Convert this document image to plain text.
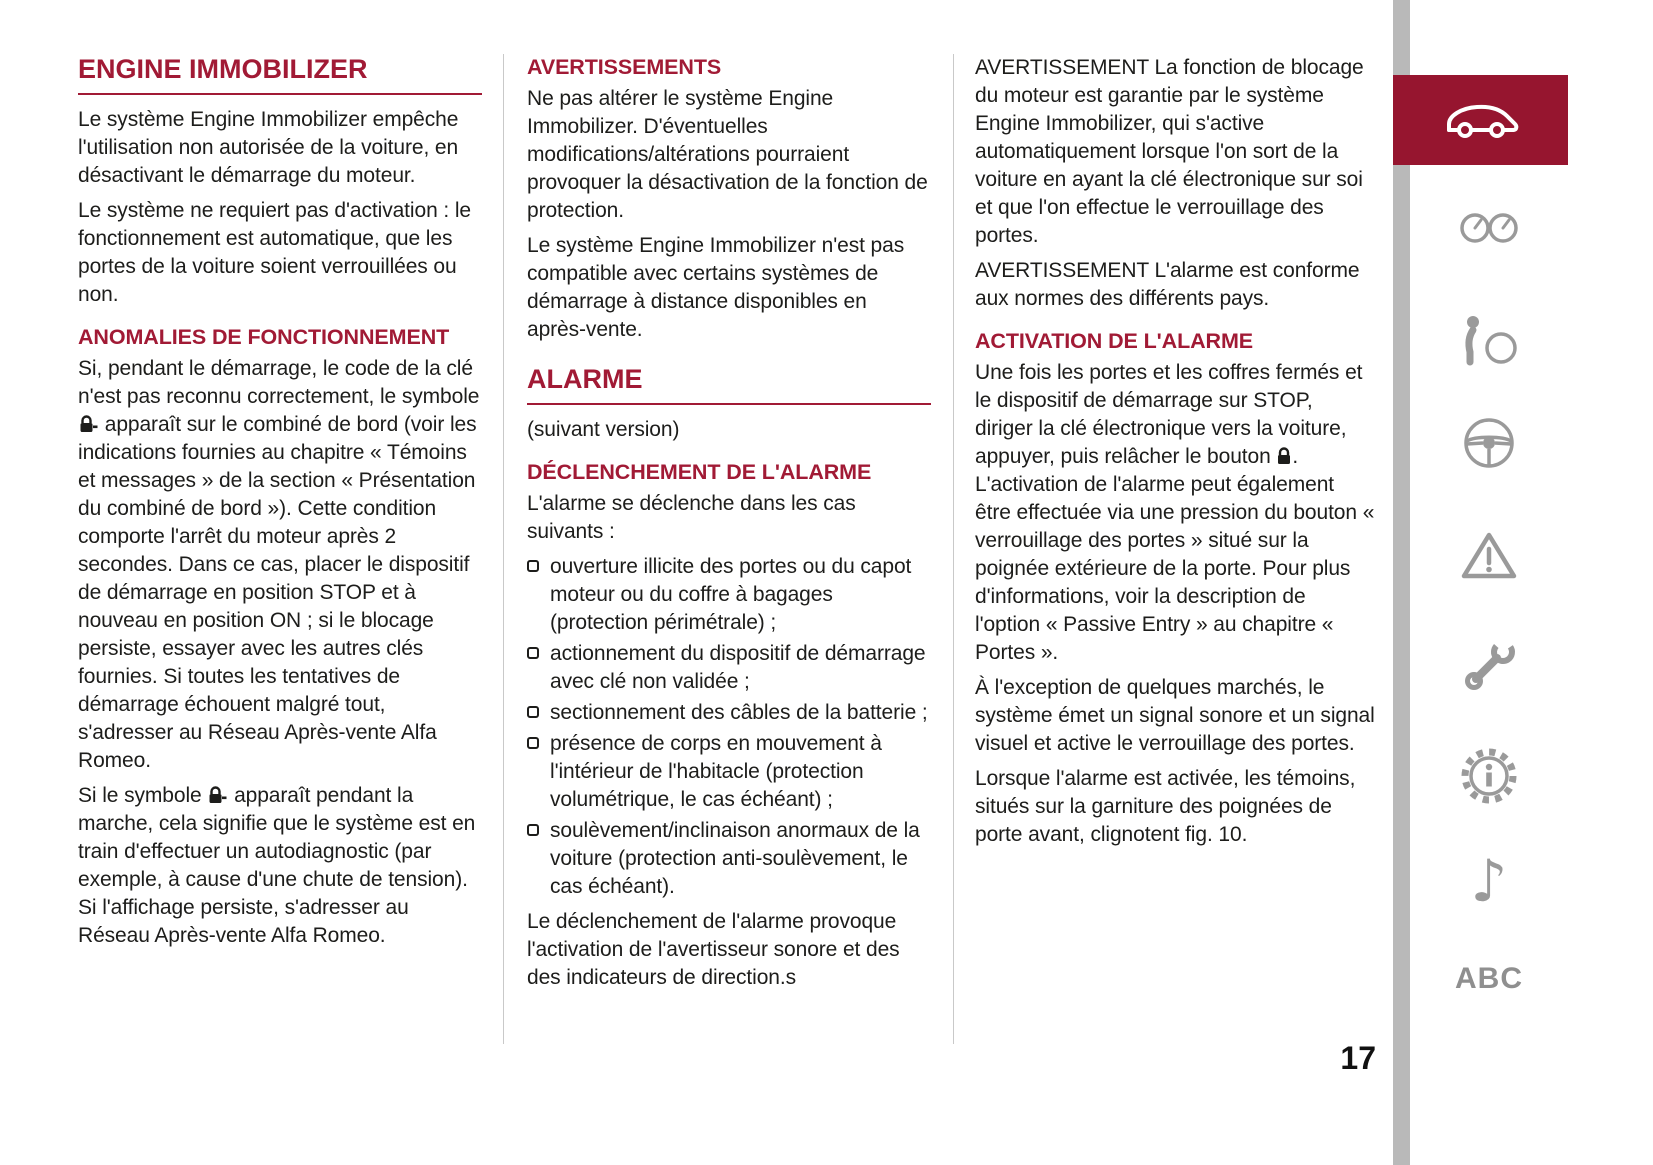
ENGINE IMMOBILIZER

Le système Engine Immobilizer empêche l'utilisation non autorisée de la voiture, en désactivant le démarrage du moteur.

Le système ne requiert pas d'activation : le fonctionnement est automatique, que les portes de la voiture soient verrouillées ou non.

ANOMALIES DE FONCTIONNEMENT

Si, pendant le démarrage, le code de la clé n'est pas reconnu correctement, le symbole  apparaît sur le combiné de bord (voir les indications fournies au chapitre « Témoins et messages » de la section « Présentation du combiné de bord »). Cette condition comporte l'arrêt du moteur après 2 secondes. Dans ce cas, placer le dispositif de démarrage en position STOP et à nouveau en position ON ; si le blocage persiste, essayer avec les autres clés fournies. Si toutes les tentatives de démarrage échouent malgré tout, s'adresser au Réseau Après-vente Alfa Romeo.

Si le symbole  apparaît pendant la marche, cela signifie que le système est en train d'effectuer un autodiagnostic (par exemple, à cause d'une chute de tension). Si l'affichage persiste, s'adresser au Réseau Après-vente Alfa Romeo.

AVERTISSEMENTS

Ne pas altérer le système Engine Immobilizer. D'éventuelles modifications/altérations pourraient provoquer la désactivation de la fonction de protection.

Le système Engine Immobilizer n'est pas compatible avec certains systèmes de démarrage à distance disponibles en après-vente.

ALARME

(suivant version)

DÉCLENCHEMENT DE L'ALARME

L'alarme se déclenche dans les cas suivants :

ouverture illicite des portes ou du capot moteur ou du coffre à bagages (protection périmétrale) ;
actionnement du dispositif de démarrage avec clé non validée ;
sectionnement des câbles de la batterie ;
présence de corps en mouvement à l'intérieur de l'habitacle (protection volumétrique, le cas échéant) ;
soulèvement/inclinaison anormaux de la voiture (protection anti-soulèvement, le cas échéant).

Le déclenchement de l'alarme provoque l'activation de l'avertisseur sonore et des des indicateurs de direction.s

AVERTISSEMENT La fonction de blocage du moteur est garantie par le système Engine Immobilizer, qui s'active automatiquement lorsque l'on sort de la voiture en ayant la clé électronique sur soi et que l'on effectue le verrouillage des portes.

AVERTISSEMENT L'alarme est conforme aux normes des différents pays.

ACTIVATION DE L'ALARME

Une fois les portes et les coffres fermés et le dispositif de démarrage sur STOP, diriger la clé électronique vers la voiture, appuyer, puis relâcher le bouton . L'activation de l'alarme peut également être effectuée via une pression du bouton « verrouillage des portes » situé sur la poignée extérieure de la porte. Pour plus d'informations, voir la description de l'option « Passive Entry » au chapitre « Portes ».

À l'exception de quelques marchés, le système émet un signal sonore et un signal visuel et active le verrouillage des portes.

Lorsque l'alarme est activée, les témoins, situés sur la garniture des poignées de porte avant, clignotent fig. 10.

♪
ABC
17
